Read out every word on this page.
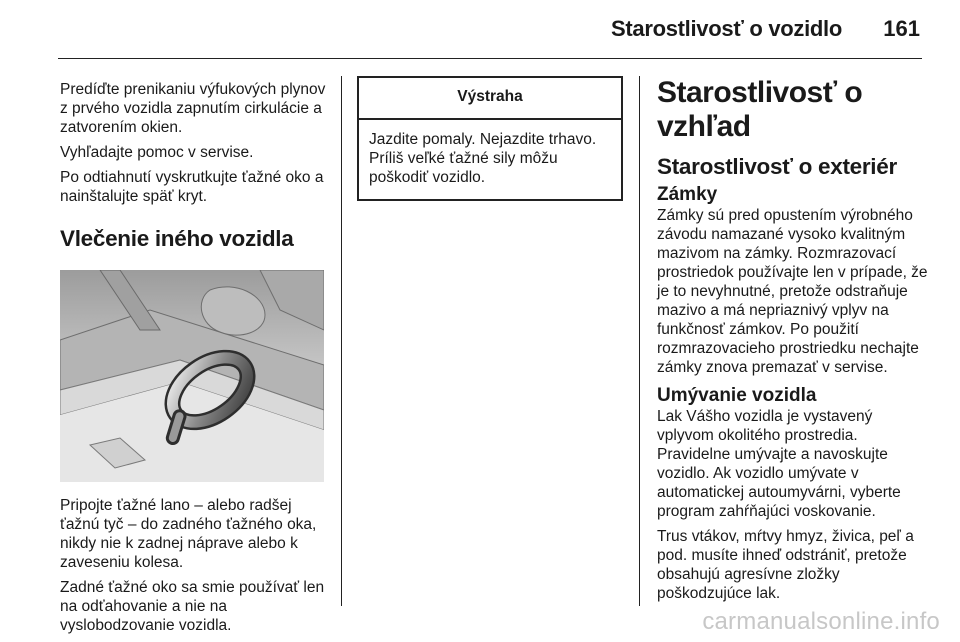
Starostlivosť o vozidlo 161

Predíďte prenikaniu výfukových plynov z prvého vozidla zapnutím cirkulácie a zatvorením okien.

Vyhľadajte pomoc v servise.

Po odtiahnutí vyskrutkujte ťažné oko a nainštalujte späť kryt.

Vlečenie iného vozidla

Pripojte ťažné lano – alebo radšej ťažnú tyč – do zadného ťažného oka, nikdy nie k zadnej náprave alebo k zaveseniu kolesa.

Zadné ťažné oko sa smie používať len na odťahovanie a nie na vyslobodzovanie vozidla.

Výstraha
Jazdite pomaly. Nejazdite trhavo. Príliš veľké ťažné sily môžu poškodiť vozidlo.
Starostlivosť o vzhľad
Starostlivosť o exteriér
Zámky

Zámky sú pred opustením výrobného závodu namazané vysoko kvalitným mazivom na zámky. Rozmrazovací prostriedok používajte len v prípade, že je to nevyhnutné, pretože odstraňuje mazivo a má nepriaznivý vplyv na funkčnosť zámkov. Po použití rozmrazovacieho prostriedku nechajte zámky znova premazať v servise.

Umývanie vozidla

Lak Vášho vozidla je vystavený vplyvom okolitého prostredia. Pravidelne umývajte a navoskujte vozidlo. Ak vozidlo umývate v automatickej autoumyvárni, vyberte program zahŕňajúci voskovanie.

Trus vtákov, mŕtvy hmyz, živica, peľ a pod. musíte ihneď odstrániť, pretože obsahujú agresívne zložky poškodzujúce lak.

carmanualsonline.info
